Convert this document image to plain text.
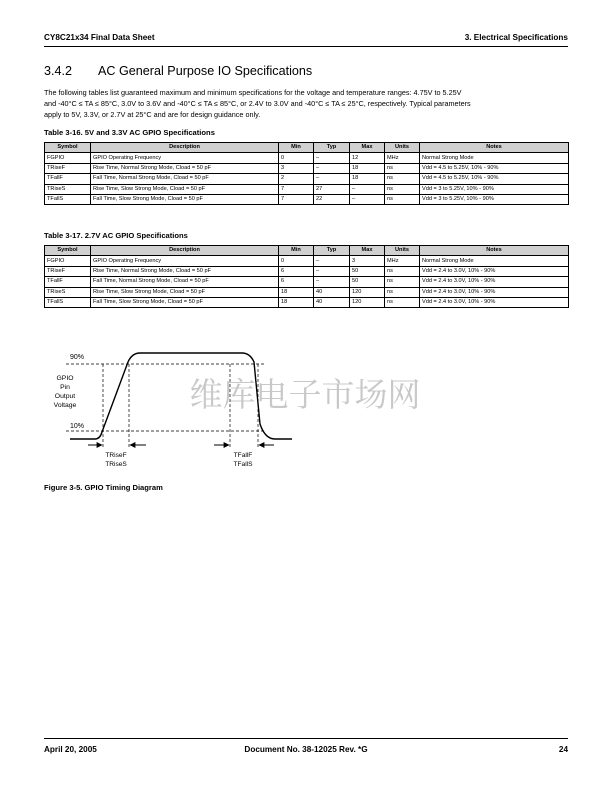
CY8C21x34 Final Data Sheet	3. Electrical Specifications
3.4.2 AC General Purpose IO Specifications
The following tables list guaranteed maximum and minimum specifications for the voltage and temperature ranges: 4.75V to 5.25V
and -40°C ≤ TA ≤ 85°C, 3.0V to 3.6V and -40°C ≤ TA ≤ 85°C, or 2.4V to 3.0V and -40°C ≤ TA ≤ 25°C, respectively. Typical parameters
apply to 5V, 3.3V, or 2.7V at 25°C and are for design guidance only.
Table 3-16. 5V and 3.3V AC GPIO Specifications
Symbol	Description	Min	Typ	Max	Units	Notes
FGPIO	GPIO Operating Frequency	0	–	12	MHz	Normal Strong Mode
TRiseF	Rise Time, Normal Strong Mode, Cload = 50 pF	3	–	18	ns	Vdd = 4.5 to 5.25V, 10% - 90%
TFallF	Fall Time, Normal Strong Mode, Cload = 50 pF	2	–	18	ns	Vdd = 4.5 to 5.25V, 10% - 90%
TRiseS	Rise Time, Slow Strong Mode, Cload = 50 pF	7	27	–	ns	Vdd = 3 to 5.25V, 10% - 90%
TFallS	Fall Time, Slow Strong Mode, Cload = 50 pF	7	22	–	ns	Vdd = 3 to 5.25V, 10% - 90%
Table 3-17. 2.7V AC GPIO Specifications
Symbol	Description	Min	Typ	Max	Units	Notes
FGPIO	GPIO Operating Frequency	0	–	3	MHz	Normal Strong Mode
TRiseF	Rise Time, Normal Strong Mode, Cload = 50 pF	6	–	50	ns	Vdd = 2.4 to 3.0V, 10% - 90%
TFallF	Fall Time, Normal Strong Mode, Cload = 50 pF	6	–	50	ns	Vdd = 2.4 to 3.0V, 10% - 90%
TRiseS	Rise Time, Slow Strong Mode, Cload = 50 pF	18	40	120	ns	Vdd = 2.4 to 3.0V, 10% - 90%
TFallS	Fall Time, Slow Strong Mode, Cload = 50 pF	18	40	120	ns	Vdd = 2.4 to 3.0V, 10% - 90%
维库电子市场网
90%
10%
GPIO
Pin
Output
Voltage
TRiseF
TRiseS
TFallF
TFallS
Figure 3-5. GPIO Timing Diagram
April 20, 2005	Document No. 38-12025 Rev. *G	24
